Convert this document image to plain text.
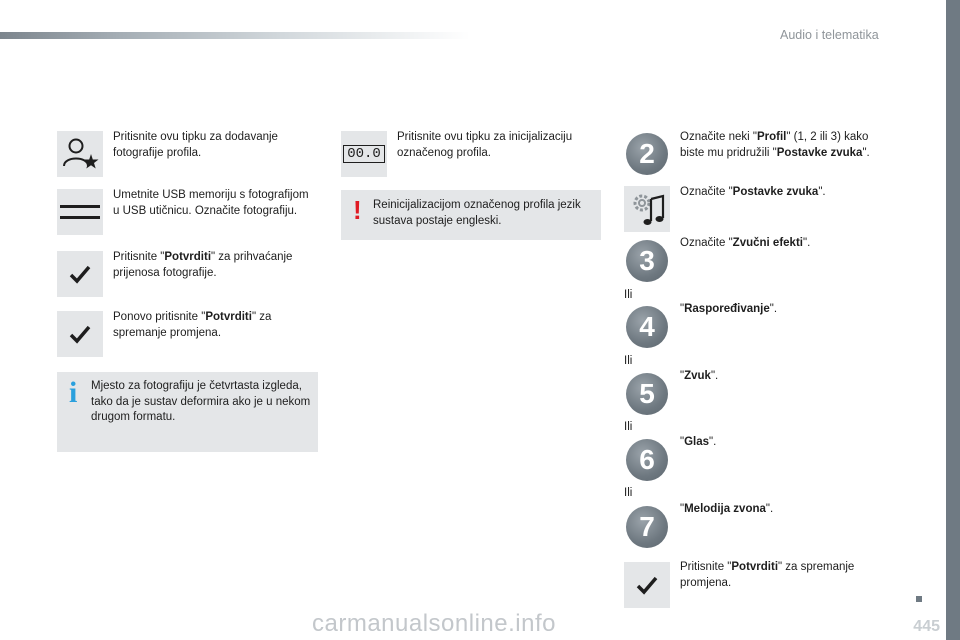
Audio i telematika
Pritisnite ovu tipku za dodavanje fotografije profila.
Umetnite USB memoriju s fotografijom u USB utičnicu. Označite fotografiju.
Pritisnite "Potvrditi" za prihvaćanje prijenosa fotografije.
Ponovo pritisnite "Potvrditi" za spremanje promjena.
i Mjesto za fotografiju je četvrtasta izgleda, tako da je sustav deformira ako je u nekom drugom formatu.
00.0
Pritisnite ovu tipku za inicijalizaciju označenog profila.
! Reinicijalizacijom označenog profila jezik sustava postaje engleski.
2
Označite neki "Profil" (1, 2 ili 3) kako biste mu pridružili "Postavke zvuka".
Označite "Postavke zvuka".
3
Označite "Zvučni efekti".
Ili
4
"Raspoređivanje".
Ili
5
"Zvuk".
Ili
6
"Glas".
Ili
7
"Melodija zvona".
Pritisnite "Potvrditi" za spremanje promjena.
445
carmanualsonline.info
